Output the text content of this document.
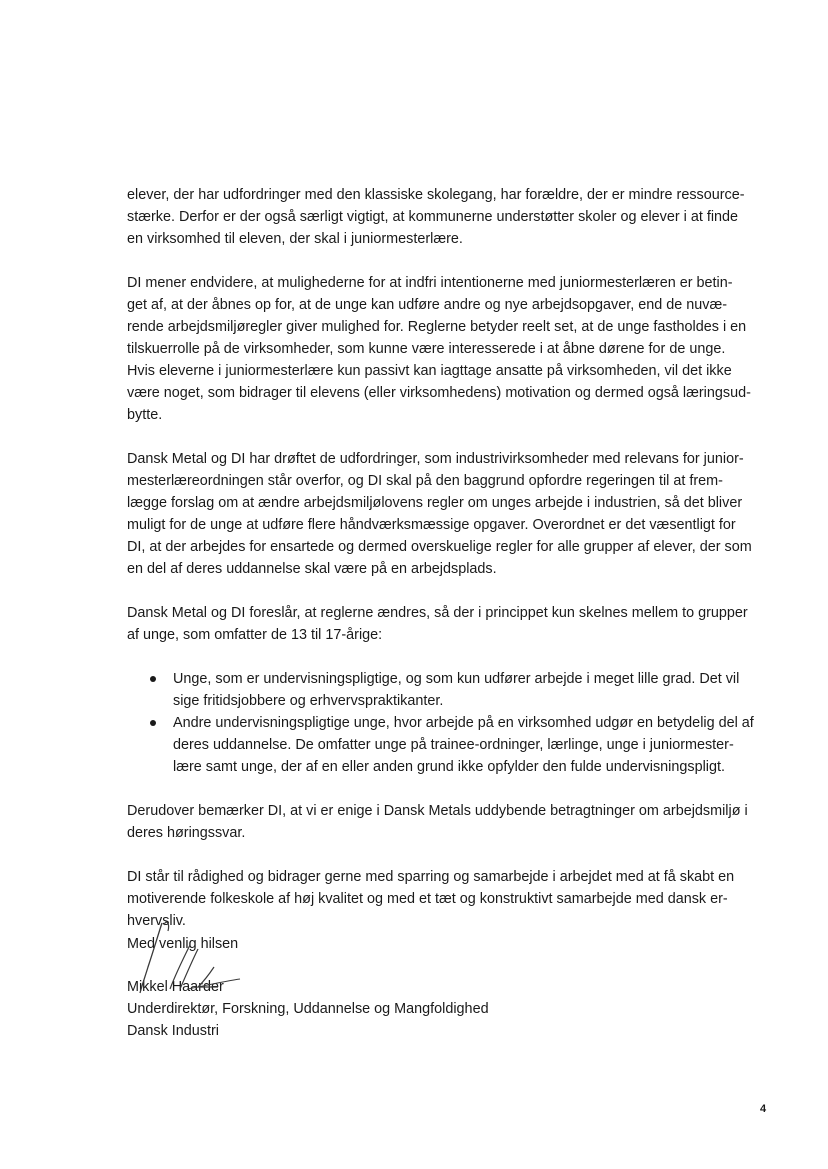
elever, der har udfordringer med den klassiske skolegang, har forældre, der er mindre ressource-
stærke. Derfor er der også særligt vigtigt, at kommunerne understøtter skoler og elever i at finde
en virksomhed til eleven, der skal i juniormesterlære.
DI mener endvidere, at mulighederne for at indfri intentionerne med juniormesterlæren er betin-
get af, at der åbnes op for, at de unge kan udføre andre og nye arbejdsopgaver, end de nuvæ-
rende arbejdsmiljøregler giver mulighed for. Reglerne betyder reelt set, at de unge fastholdes i en
tilskuerrolle på de virksomheder, som kunne være interesserede i at åbne dørene for de unge.
Hvis eleverne i juniormesterlære kun passivt kan iagttage ansatte på virksomheden, vil det ikke
være noget, som bidrager til elevens (eller virksomhedens) motivation og dermed også læringsud-
bytte.
Dansk Metal og DI har drøftet de udfordringer, som industrivirksomheder med relevans for junior-
mesterlæreordningen står overfor, og DI skal på den baggrund opfordre regeringen til at frem-
lægge forslag om at ændre arbejdsmiljølovens regler om unges arbejde i industrien, så det bliver
muligt for de unge at udføre flere håndværksmæssige opgaver. Overordnet er det væsentligt for
DI, at der arbejdes for ensartede og dermed overskuelige regler for alle grupper af elever, der som
en del af deres uddannelse skal være på en arbejdsplads.
Dansk Metal og DI foreslår, at reglerne ændres, så der i princippet kun skelnes mellem to grupper
af unge, som omfatter de 13 til 17-årige:
Unge, som er undervisningspligtige, og som kun udfører arbejde i meget lille grad. Det vil
sige fritidsjobbere og erhvervspraktikanter.
Andre undervisningspligtige unge, hvor arbejde på en virksomhed udgør en betydelig del af
deres uddannelse. De omfatter unge på trainee-ordninger, lærlinge, unge i juniormester-
lære samt unge, der af en eller anden grund ikke opfylder den fulde undervisningspligt.
Derudover bemærker DI, at vi er enige i Dansk Metals uddybende betragtninger om arbejdsmiljø i
deres høringssvar.
DI står til rådighed og bidrager gerne med sparring og samarbejde i arbejdet med at få skabt en
motiverende folkeskole af høj kvalitet og med et tæt og konstruktivt samarbejde med dansk er-
hvervsliv.
Med venlig hilsen
Mikkel Haarder
Underdirektør, Forskning, Uddannelse og Mangfoldighed
Dansk Industri
4
